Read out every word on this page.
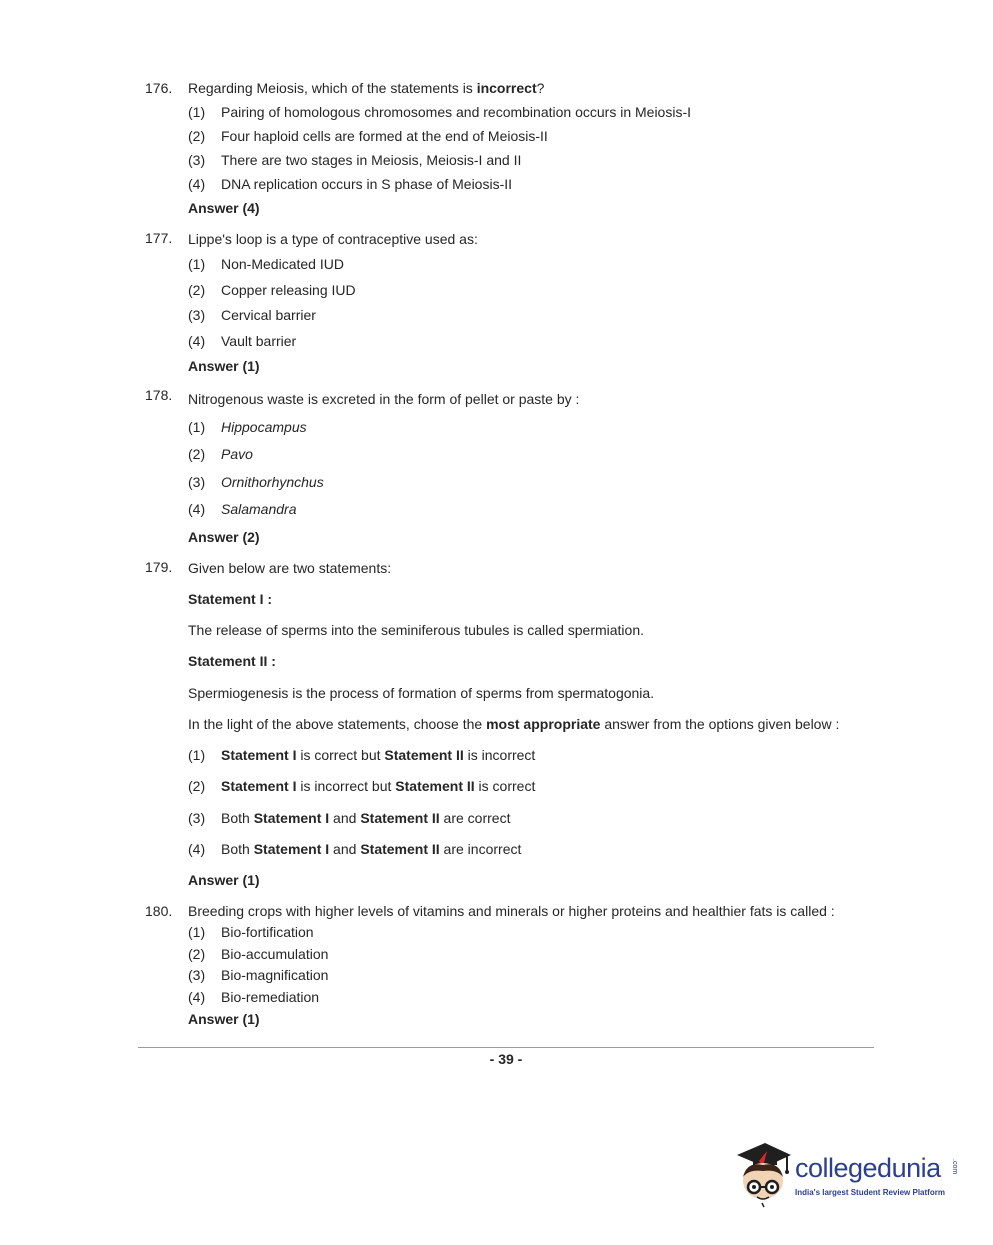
176. Regarding Meiosis, which of the statements is incorrect?
(1) Pairing of homologous chromosomes and recombination occurs in Meiosis-I
(2) Four haploid cells are formed at the end of Meiosis-II
(3) There are two stages in Meiosis, Meiosis-I and II
(4) DNA replication occurs in S phase of Meiosis-II
Answer (4)
177. Lippe's loop is a type of contraceptive used as:
(1) Non-Medicated IUD
(2) Copper releasing IUD
(3) Cervical barrier
(4) Vault barrier
Answer (1)
178. Nitrogenous waste is excreted in the form of pellet or paste by :
(1) Hippocampus
(2) Pavo
(3) Ornithorhynchus
(4) Salamandra
Answer (2)
179. Given below are two statements:
Statement I :
The release of sperms into the seminiferous tubules is called spermiation.
Statement II :
Spermiogenesis is the process of formation of sperms from spermatogonia.
In the light of the above statements, choose the most appropriate answer from the options given below :
(1) Statement I is correct but Statement II is incorrect
(2) Statement I is incorrect but Statement II is correct
(3) Both Statement I and Statement II are correct
(4) Both Statement I and Statement II are incorrect
Answer (1)
180. Breeding crops with higher levels of vitamins and minerals or higher proteins and healthier fats is called :
(1) Bio-fortification
(2) Bio-accumulation
(3) Bio-magnification
(4) Bio-remediation
Answer (1)
- 39 -
collegedunia .com
India's largest Student Review Platform
